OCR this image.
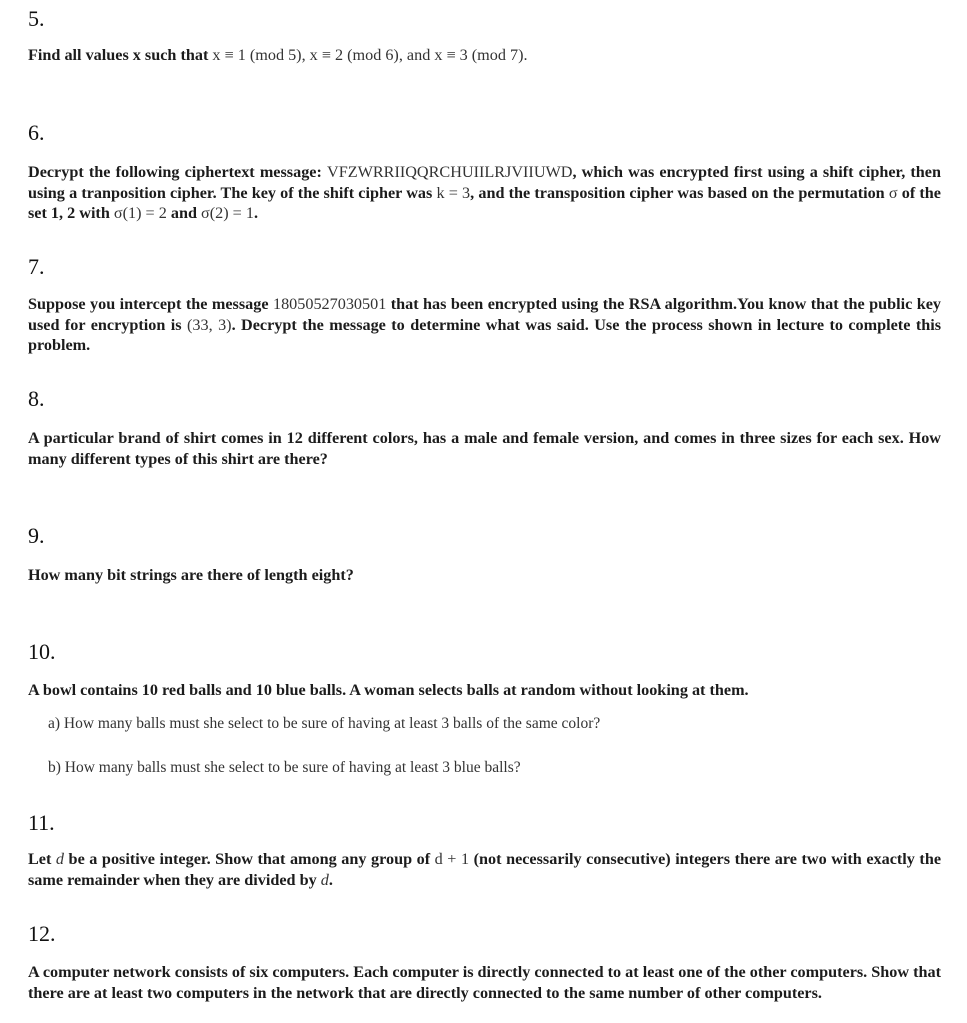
5.
Find all values x such that x ≡ 1 (mod 5), x ≡ 2 (mod 6), and x ≡ 3 (mod 7).
6.
Decrypt the following ciphertext message: VFZWRRIIQQRCHUIILRJVIIUWD, which was encrypted first using a shift cipher, then using a tranposition cipher. The key of the shift cipher was k = 3, and the transposition cipher was based on the permutation σ of the set 1, 2 with σ(1) = 2 and σ(2) = 1.
7.
Suppose you intercept the message 18050527030501 that has been encrypted using the RSA algorithm.You know that the public key used for encryption is (33, 3). Decrypt the message to determine what was said. Use the process shown in lecture to complete this problem.
8.
A particular brand of shirt comes in 12 different colors, has a male and female version, and comes in three sizes for each sex. How many different types of this shirt are there?
9.
How many bit strings are there of length eight?
10.
A bowl contains 10 red balls and 10 blue balls. A woman selects balls at random without looking at them.
a) How many balls must she select to be sure of having at least 3 balls of the same color?
b) How many balls must she select to be sure of having at least 3 blue balls?
11.
Let d be a positive integer. Show that among any group of d + 1 (not necessarily consecutive) integers there are two with exactly the same remainder when they are divided by d.
12.
A computer network consists of six computers. Each computer is directly connected to at least one of the other computers. Show that there are at least two computers in the network that are directly connected to the same number of other computers.
